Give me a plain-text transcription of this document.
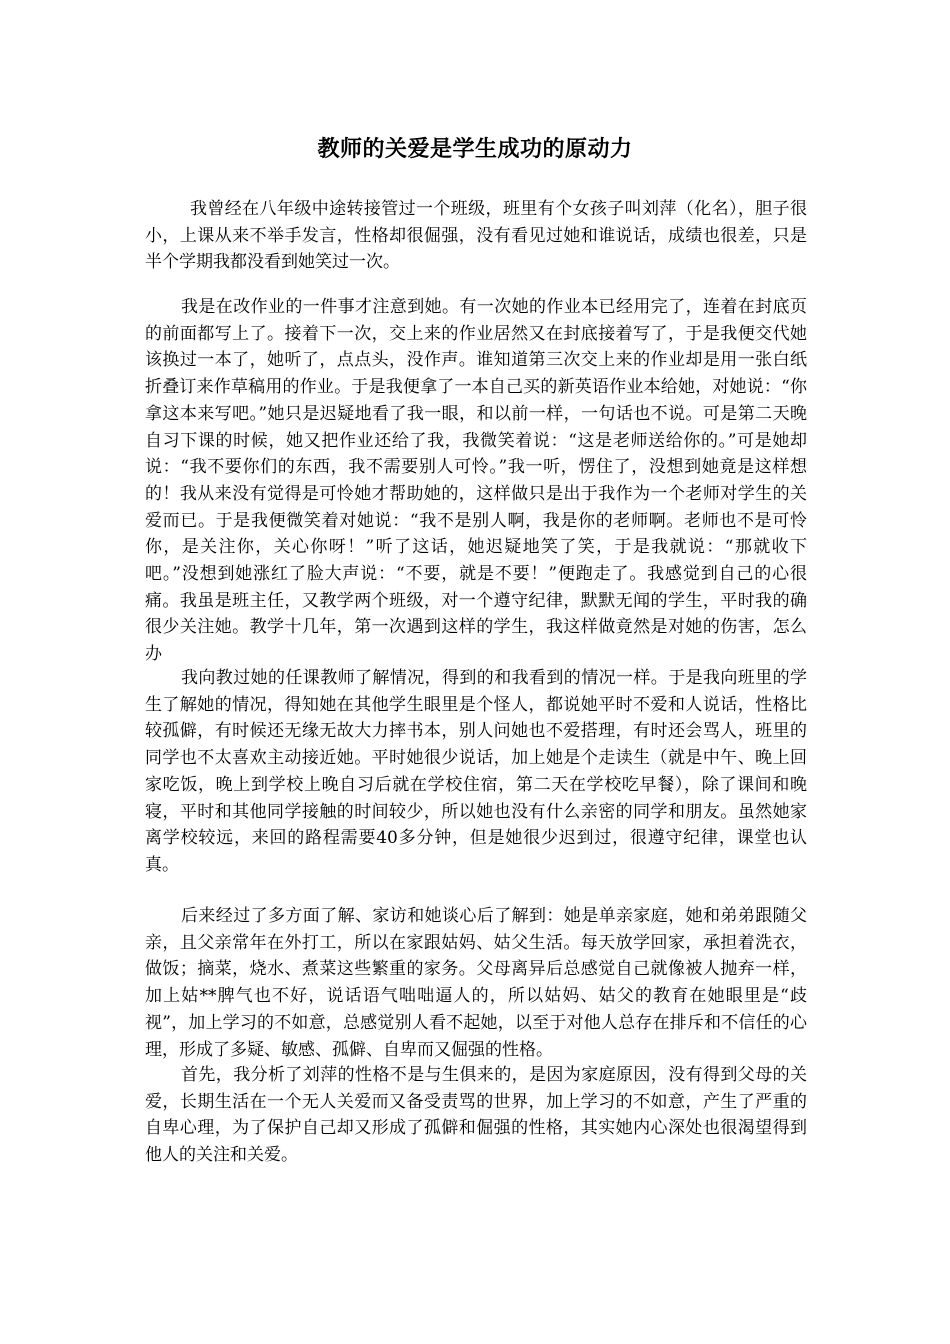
教师的关爱是学生成功的原动力

我曾经在八年级中途转接管过一个班级，班里有个女孩子叫刘萍（化名），胆子很小，上课从来不举手发言，性格却很倔强，没有看见过她和谁说话，成绩也很差，只是半个学期我都没看到她笑过一次。

我是在改作业的一件事才注意到她。有一次她的作业本已经用完了，连着在封底页的前面都写上了。接着下一次，交上来的作业居然又在封底接着写了，于是我便交代她该换过一本了，她听了，点点头，没作声。谁知道第三次交上来的作业却是用一张白纸折叠订来作草稿用的作业。于是我便拿了一本自己买的新英语作业本给她，对她说：“你拿这本来写吧。”她只是迟疑地看了我一眼，和以前一样，一句话也不说。可是第二天晚自习下课的时候，她又把作业还给了我，我微笑着说：“这是老师送给你的。”可是她却说：“我不要你们的东西，我不需要别人可怜。”我一听，愣住了，没想到她竟是这样想的！我从来没有觉得是可怜她才帮助她的，这样做只是出于我作为一个老师对学生的关爱而已。于是我便微笑着对她说：“我不是别人啊，我是你的老师啊。老师也不是可怜你，是关注你，关心你呀！”听了这话，她迟疑地笑了笑，于是我就说：“那就收下吧。”没想到她涨红了脸大声说：“不要，就是不要！”便跑走了。我感觉到自己的心很痛。我虽是班主任，又教学两个班级，对一个遵守纪律，默默无闻的学生，平时我的确很少关注她。教学十几年，第一次遇到这样的学生，我这样做竟然是对她的伤害，怎么办

我向教过她的任课教师了解情况，得到的和我看到的情况一样。于是我向班里的学生了解她的情况，得知她在其他学生眼里是个怪人，都说她平时不爱和人说话，性格比较孤僻，有时候还无缘无故大力摔书本，别人问她也不爱搭理，有时还会骂人，班里的同学也不太喜欢主动接近她。平时她很少说话，加上她是个走读生（就是中午、晚上回家吃饭，晚上到学校上晚自习后就在学校住宿，第二天在学校吃早餐），除了课间和晚寝，平时和其他同学接触的时间较少，所以她也没有什么亲密的同学和朋友。虽然她家离学校较远，来回的路程需要40多分钟，但是她很少迟到过，很遵守纪律，课堂也认真。

后来经过了多方面了解、家访和她谈心后了解到：她是单亲家庭，她和弟弟跟随父亲，且父亲常年在外打工，所以在家跟姑妈、姑父生活。每天放学回家，承担着洗衣，做饭；摘菜，烧水、煮菜这些繁重的家务。父母离异后总感觉自己就像被人抛弃一样，加上姑**脾气也不好，说话语气咄咄逼人的，所以姑妈、姑父的教育在她眼里是“歧视”，加上学习的不如意，总感觉别人看不起她，以至于对他人总存在排斥和不信任的心理，形成了多疑、敏感、孤僻、自卑而又倔强的性格。

首先，我分析了刘萍的性格不是与生俱来的，是因为家庭原因，没有得到父母的关爱，长期生活在一个无人关爱而又备受责骂的世界，加上学习的不如意，产生了严重的自卑心理，为了保护自己却又形成了孤僻和倔强的性格，其实她内心深处也很渴望得到他人的关注和关爱。
